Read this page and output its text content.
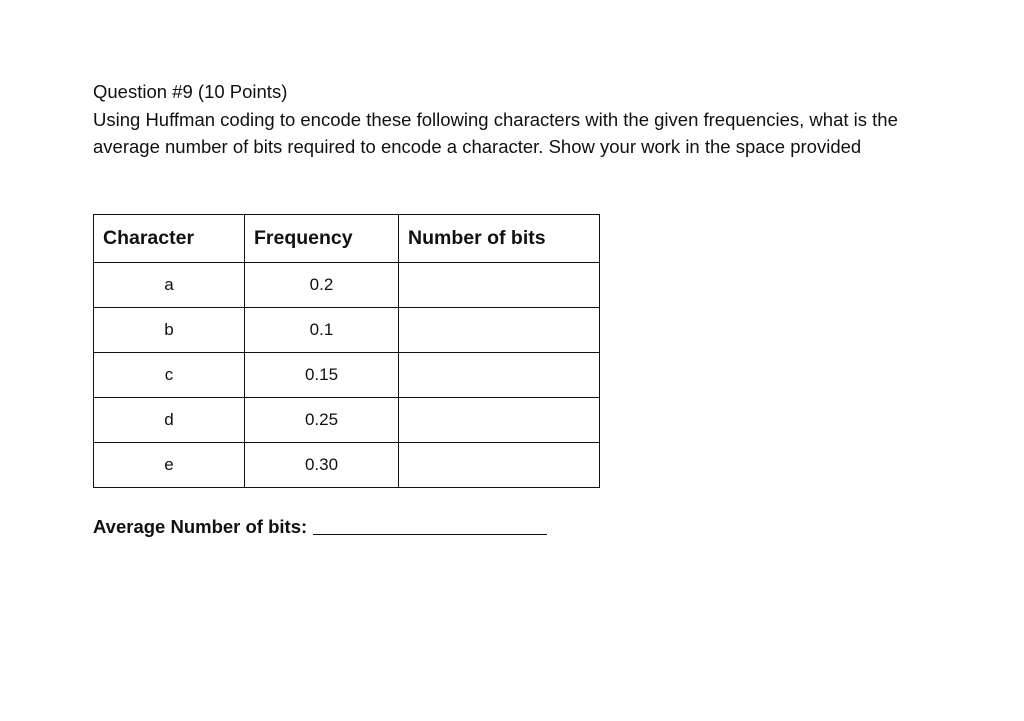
Question #9 (10 Points)

Using Huffman coding to encode these following characters with the given frequencies, what is the average number of bits required to encode a character. Show your work in the space provided

Character	Frequency	Number of bits
a	0.2	
b	0.1	
c	0.15	
d	0.25	
e	0.30	
Average Number of bits:
